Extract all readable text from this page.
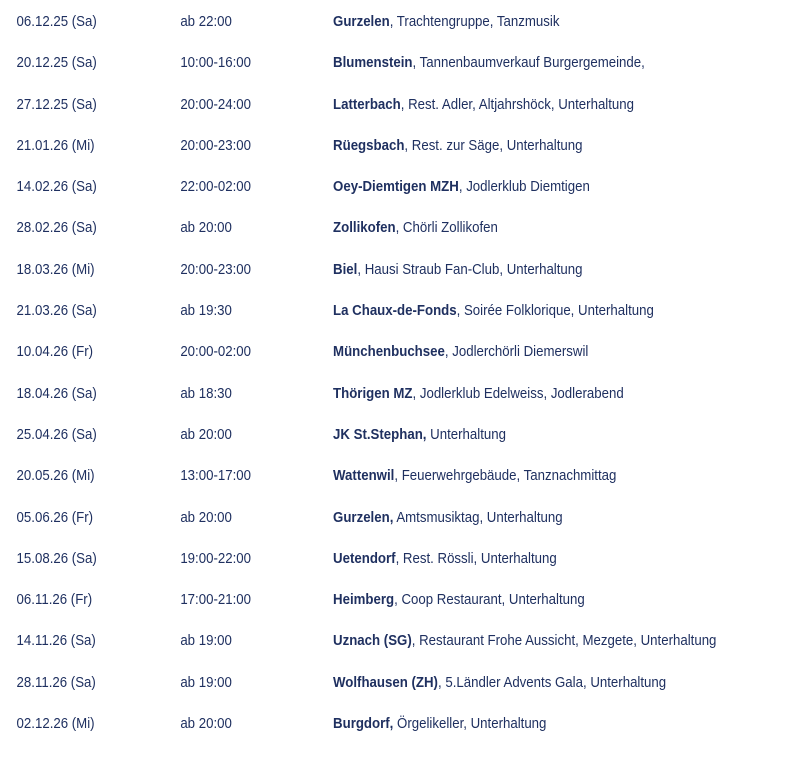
06.12.25 (Sa)	ab 22:00	Gurzelen, Trachtengruppe, Tanzmusik
20.12.25 (Sa)	10:00-16:00	Blumenstein, Tannenbaumverkauf Burgergemeinde,
27.12.25 (Sa)	20:00-24:00	Latterbach, Rest. Adler, Altjahrshöck, Unterhaltung
21.01.26 (Mi)	20:00-23:00	Rüegsbach, Rest. zur Säge, Unterhaltung
14.02.26 (Sa)	22:00-02:00	Oey-Diemtigen MZH, Jodlerklub Diemtigen
28.02.26 (Sa)	ab 20:00	Zollikofen, Chörli Zollikofen
18.03.26 (Mi)	20:00-23:00	Biel, Hausi Straub Fan-Club, Unterhaltung
21.03.26 (Sa)	ab 19:30	La Chaux-de-Fonds, Soirée Folklorique, Unterhaltung
10.04.26 (Fr)	20:00-02:00	Münchenbuchsee, Jodlerchörli Diemerswil
18.04.26 (Sa)	ab 18:30	Thörigen MZ, Jodlerklub Edelweiss, Jodlerabend
25.04.26 (Sa)	ab 20:00	JK St.Stephan, Unterhaltung
20.05.26 (Mi)	13:00-17:00	Wattenwil, Feuerwehrgebäude, Tanznachmittag
05.06.26 (Fr)	ab 20:00	Gurzelen, Amtsmusiktag, Unterhaltung
15.08.26 (Sa)	19:00-22:00	Uetendorf, Rest. Rössli, Unterhaltung
06.11.26 (Fr)	17:00-21:00	Heimberg, Coop Restaurant, Unterhaltung
14.11.26 (Sa)	ab 19:00	Uznach (SG), Restaurant Frohe Aussicht, Mezgete, Unterhaltung
28.11.26 (Sa)	ab 19:00	Wolfhausen (ZH), 5.Ländler Advents Gala, Unterhaltung
02.12.26 (Mi)	ab 20:00	Burgdorf, Örgelikeller, Unterhaltung
